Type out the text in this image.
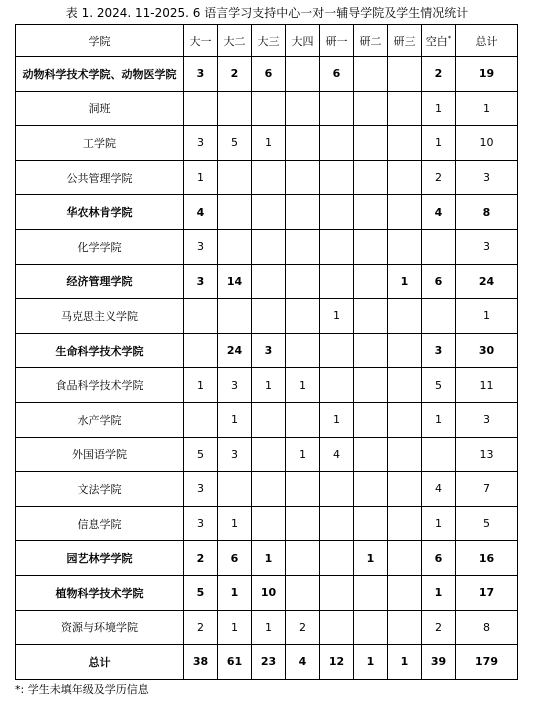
表 1. 2024. 11-2025. 6 语言学习支持中心一对一辅导学院及学生情况统计
学院	大一	大二	大三	大四	研一	研二	研三	空白*	总计
动物科学技术学院、动物医学院	3	2	6		6			2	19
洞班								1	1
工学院	3	5	1					1	10
公共管理学院	1							2	3
华农林肯学院	4							4	8
化学学院	3								3
经济管理学院	3	14					1	6	24
马克思主义学院					1				1
生命科学技术学院		24	3					3	30
食品科学技术学院	1	3	1	1				5	11
水产学院		1			1			1	3
外国语学院	5	3		1	4				13
文法学院	3							4	7
信息学院	3	1						1	5
园艺林学学院	2	6	1			1		6	16
植物科学技术学院	5	1	10					1	17
资源与环境学院	2	1	1	2				2	8
总计	38	61	23	4	12	1	1	39	179
*: 学生未填年级及学历信息
